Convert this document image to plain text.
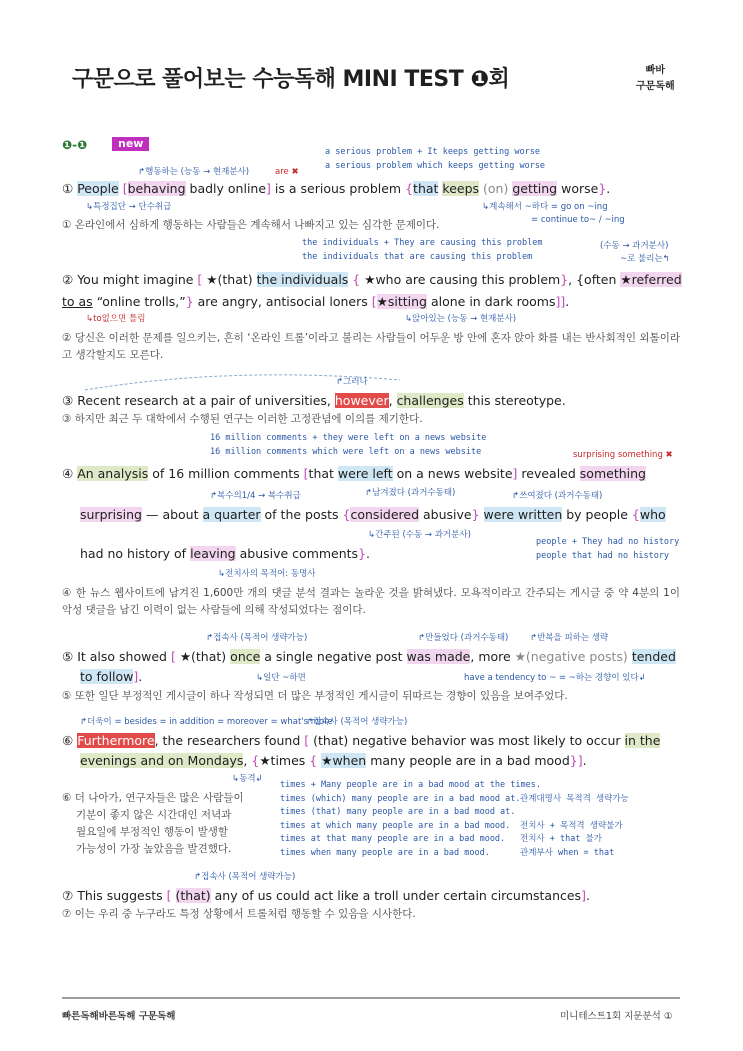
구문으로 풀어보는 수능독해 MINI TEST ❶회	빠바
구문독해
❶-❶	new
a serious problem + It keeps getting worse
a serious problem which keeps getting worse
↱행동하는 (능동 → 현재분사)	are ✖
① People [behaving badly online] is a serious problem {that keeps (on) getting worse}.
↳특정집단 → 단수취급	↳계속해서 ~하다 = go on ~ing
= continue to~ / ~ing
① 온라인에서 심하게 행동하는 사람들은 계속해서 나빠지고 있는 심각한 문제이다.
the individuals + They are causing this problem
the individuals that are causing this problem
(수동 → 과거분사)
~로 불리는↰
② You might imagine [ ★(that) the individuals { ★who are causing this problem}, {often ★referred
to as “online trolls,”} are angry, antisocial loners [★sitting alone in dark rooms]].
↳to없으면 틀림	↳앉아있는 (능동 → 현재분사)
② 당신은 이러한 문제를 일으키는, 흔히 ‘온라인 트롤’이라고 불리는 사람들이 어두운 방 안에 혼자 앉아 화를 내는 반사회적인 외톨이라고 생각할지도 모른다.
↱그러나
③ Recent research at a pair of universities, however, challenges this stereotype.
③ 하지만 최근 두 대학에서 수행된 연구는 이러한 고정관념에 이의를 제기한다.
16 million comments + they were left on a news website
16 million comments which were left on a news website	surprising something ✖
④ An analysis of 16 million comments [that were left on a news website] revealed something
↱복수의1/4 → 복수취급	↱남겨졌다 (과거수동태)	↱쓰여졌다 (과거수동태)
surprising — about a quarter of the posts {considered abusive} were written by people {who
↳간주된 (수동 → 과거분사)
people + They had no history
people that had no history
had no history of leaving abusive comments}.
↳전치사의 목적어: 동명사
④ 한 뉴스 웹사이트에 남겨진 1,600만 개의 댓글 분석 결과는 놀라운 것을 밝혀냈다. 모욕적이라고 간주되는 게시글 중 약 4분의 1이 악성 댓글을 남긴 이력이 없는 사람들에 의해 작성되었다는 점이다.
↱접속사 (목적어 생략가능)	↱만들었다 (과거수동태)	↱반복을 피하는 생략
⑤ It also showed [ ★(that) once a single negative post was made, more ★(negative posts) tended
to follow].	↳일단 ~하면	have a tendency to ~ = ~하는 경향이 있다↲
⑤ 또한 일단 부정적인 게시글이 하나 작성되면 더 많은 부정적인 게시글이 뒤따르는 경향이 있음을 보여주었다.
↱더욱이 = besides = in addition = moreover = what's more
↱접속사 (목적어 생략가능)
⑥ Furthermore, the researchers found [ (that) negative behavior was most likely to occur in the
evenings and on Mondays, {★times { ★when many people are in a bad mood}].
↳동격↲
⑥ 더 나아가, 연구자들은 많은 사람들이
기분이 좋지 않은 시간대인 저녁과
월요일에 부정적인 행동이 발생할
가능성이 가장 높았음을 발견했다.
times + Many people are in a bad mood at the times.
times (which) many people are in a bad mood at.
times (that) many people are in a bad mood at.
times at which many people are in a bad mood.
times at that many people are in a bad mood.
times when many people are in a bad mood.

관계대명사 목적격 생략가능

전치사 + 목적격 생략불가
전치사 + that 불가
관계부사 when = that
↱접속사 (목적어 생략가능)
⑦ This suggests [ (that) any of us could act like a troll under certain circumstances].
⑦ 이는 우리 중 누구라도 특정 상황에서 트롤처럼 행동할 수 있음을 시사한다.
빠른독해바른독해 구문독해	미니테스트1회 지문분석 ①
